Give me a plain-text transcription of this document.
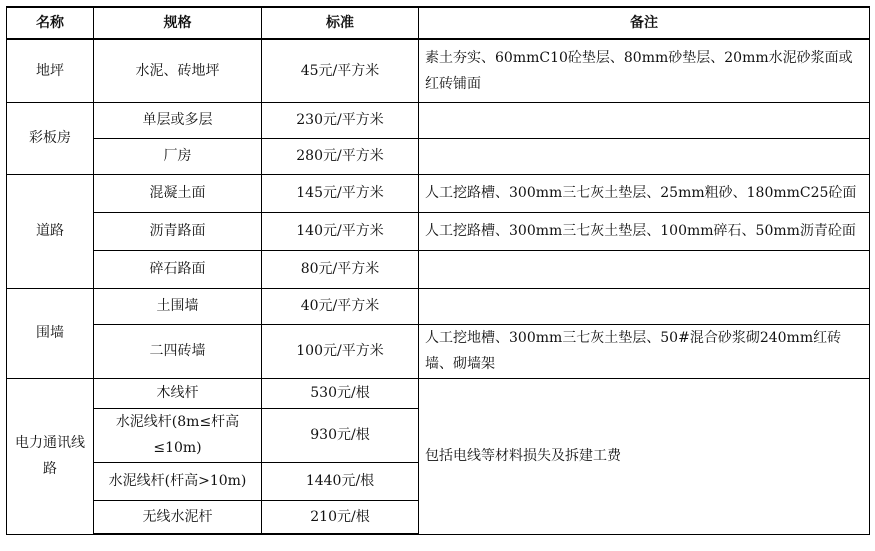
名称	规格	标准	备注
地坪	水泥、砖地坪	45元/平方米	素土夯实、60mmC10砼垫层、80mm砂垫层、20mm水泥砂浆面或红砖铺面
彩板房	单层或多层	230元/平方米	
	厂房	280元/平方米	
道路	混凝土面	145元/平方米	人工挖路槽、300mm三七灰土垫层、25mm粗砂、180mmC25砼面
	沥青路面	140元/平方米	人工挖路槽、300mm三七灰土垫层、100mm碎石、50mm沥青砼面
	碎石路面	80元/平方米	
围墙	土围墙	40元/平方米	
	二四砖墙	100元/平方米	人工挖地槽、300mm三七灰土垫层、50#混合砂浆砌240mm红砖墙、砌墙架
电力通讯线路	木线杆	530元/根	包括电线等材料损失及拆建工费
	水泥线杆(8m≤杆高≤10m)	930元/根	
	水泥线杆(杆高>10m)	1440元/根	
	无线水泥杆	210元/根	
